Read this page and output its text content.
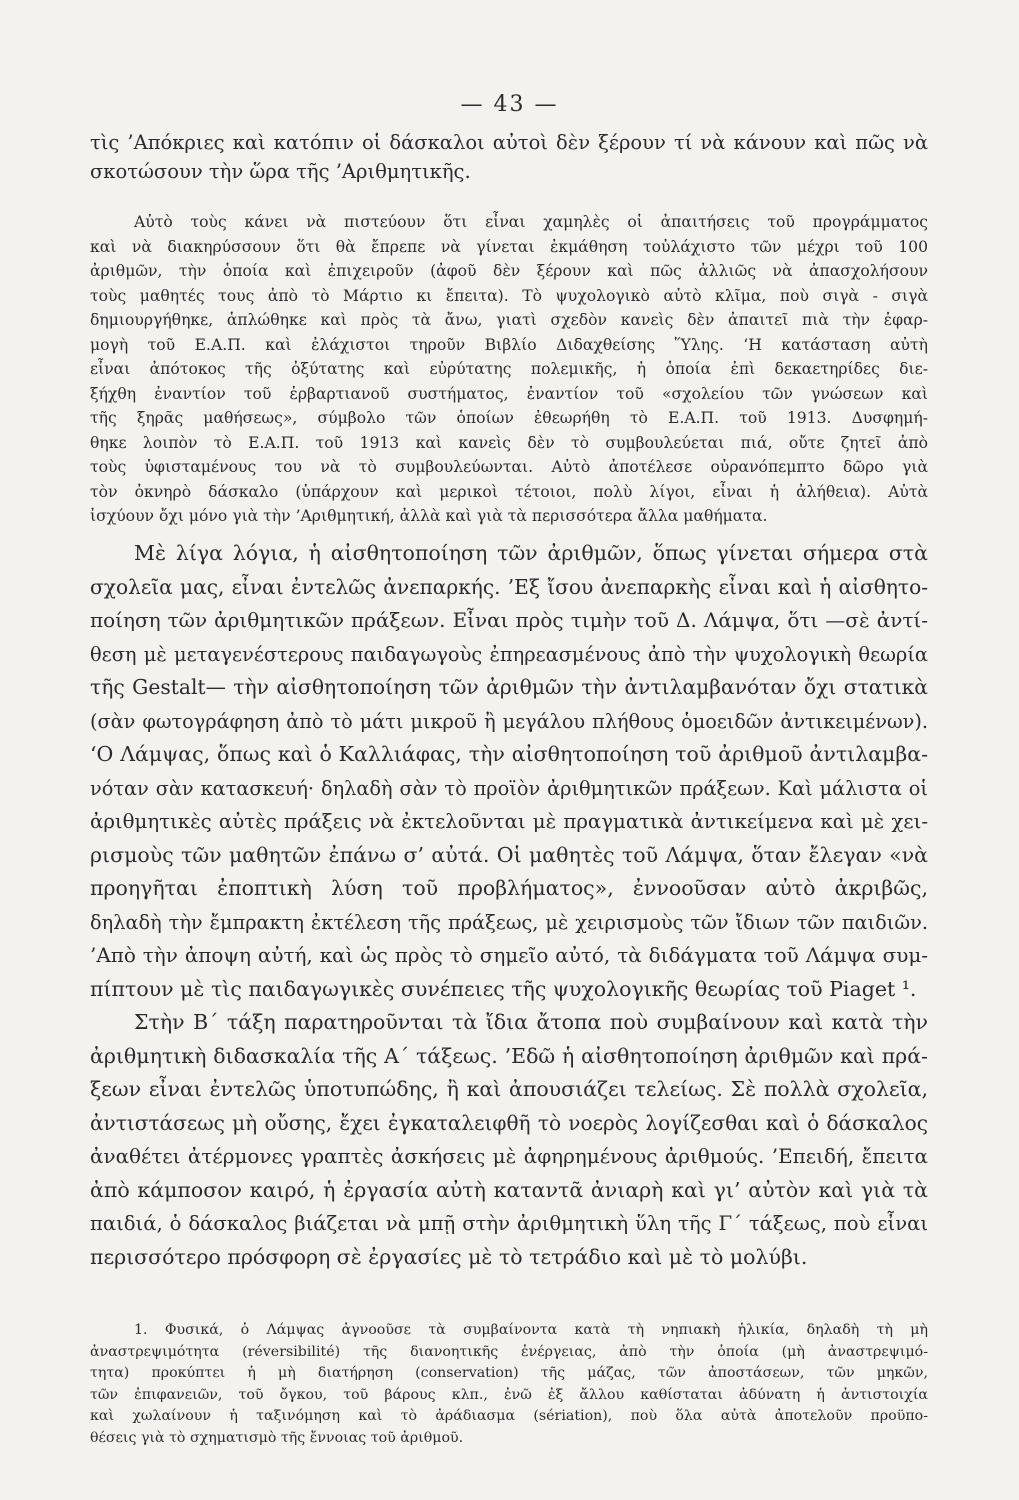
— 43 —
τὶς ’Απόκριες καὶ κατόπιν οἱ δάσκαλοι αὐτοὶ δὲν ξέρουν τί νὰ κάνουν καὶ πῶς νὰ
σκοτώσουν τὴν ὥρα τῆς ’Αριθμητικῆς.
Αὐτὸ τοὺς κάνει νὰ πιστεύουν ὅτι εἶναι χαμηλὲς οἱ ἀπαιτήσεις τοῦ προγράμματος
καὶ νὰ διακηρύσσουν ὅτι θὰ ἔπρεπε νὰ γίνεται ἐκμάθηση τοὐλάχιστο τῶν μέχρι τοῦ 100
ἀριθμῶν, τὴν ὁποία καὶ ἐπιχειροῦν (ἀφοῦ δὲν ξέρουν καὶ πῶς ἀλλιῶς νὰ ἀπασχολήσουν
τοὺς μαθητές τους ἀπὸ τὸ Μάρτιο κι ἔπειτα). Τὸ ψυχολογικὸ αὐτὸ κλῖμα, ποὺ σιγὰ - σιγὰ
δημιουργήθηκε, ἁπλώθηκε καὶ πρὸς τὰ ἄνω, γιατὶ σχεδὸν κανεὶς δὲν ἀπαιτεῖ πιὰ τὴν ἐφαρ-
μογὴ τοῦ Ε.Α.Π. καὶ ἐλάχιστοι τηροῦν Βιβλίο Διδαχθείσης Ὕλης. ‘Η κατάσταση αὐτὴ
εἶναι ἀπότοκος τῆς ὀξύτατης καὶ εὐρύτατης πολεμικῆς, ἡ ὁποία ἐπὶ δεκαετηρίδες διε-
ξήχθη ἐναντίον τοῦ ἐρβαρτιανοῦ συστήματος, ἐναντίον τοῦ «σχολείου τῶν γνώσεων καὶ
τῆς ξηρᾶς μαθήσεως», σύμβολο τῶν ὁποίων ἐθεωρήθη τὸ Ε.Α.Π. τοῦ 1913. Δυσφημή-
θηκε λοιπὸν τὸ Ε.Α.Π. τοῦ 1913 καὶ κανεὶς δὲν τὸ συμβουλεύεται πιά, οὔτε ζητεῖ ἀπὸ
τοὺς ὑφισταμένους του νὰ τὸ συμβουλεύωνται. Αὐτὸ ἀποτέλεσε οὐρανόπεμπτο δῶρο γιὰ
τὸν ὀκνηρὸ δάσκαλο (ὑπάρχουν καὶ μερικοὶ τέτοιοι, πολὺ λίγοι, εἶναι ἡ ἀλήθεια). Αὐτὰ
ἰσχύουν ὄχι μόνο γιὰ τὴν ’Αριθμητική, ἀλλὰ καὶ γιὰ τὰ περισσότερα ἄλλα μαθήματα.
Μὲ λίγα λόγια, ἡ αἰσθητοποίηση τῶν ἀριθμῶν, ὅπως γίνεται σήμερα στὰ
σχολεῖα μας, εἶναι ἐντελῶς ἀνεπαρκής. ’Εξ ἴσου ἀνεπαρκὴς εἶναι καὶ ἡ αἰσθητο-
ποίηση τῶν ἀριθμητικῶν πράξεων. Εἶναι πρὸς τιμὴν τοῦ Δ. Λάμψα, ὅτι —σὲ ἀντί-
θεση μὲ μεταγενέστερους παιδαγωγοὺς ἐπηρεασμένους ἀπὸ τὴν ψυχολογικὴ θεωρία
τῆς Gestalt— τὴν αἰσθητοποίηση τῶν ἀριθμῶν τὴν ἀντιλαμβανόταν ὄχι στατικὰ
(σὰν φωτογράφηση ἀπὸ τὸ μάτι μικροῦ ἢ μεγάλου πλήθους ὁμοειδῶν ἀντικειμένων).
‘Ο Λάμψας, ὅπως καὶ ὁ Καλλιάφας, τὴν αἰσθητοποίηση τοῦ ἀριθμοῦ ἀντιλαμβα-
νόταν σὰν κατασκευή· δηλαδὴ σὰν τὸ προϊὸν ἀριθμητικῶν πράξεων. Καὶ μάλιστα οἱ
ἀριθμητικὲς αὐτὲς πράξεις νὰ ἐκτελοῦνται μὲ πραγματικὰ ἀντικείμενα καὶ μὲ χει-
ρισμοὺς τῶν μαθητῶν ἐπάνω σ’ αὐτά. Οἱ μαθητὲς τοῦ Λάμψα, ὅταν ἔλεγαν «νὰ
προηγῆται ἐποπτικὴ λύση τοῦ προβλήματος», ἐννοοῦσαν αὐτὸ ἀκριβῶς,
δηλαδὴ τὴν ἔμπρακτη ἐκτέλεση τῆς πράξεως, μὲ χειρισμοὺς τῶν ἴδιων τῶν παιδιῶν.
’Απὸ τὴν ἀποψη αὐτή, καὶ ὡς πρὸς τὸ σημεῖο αὐτό, τὰ διδάγματα τοῦ Λάμψα συμ-
πίπτουν μὲ τὶς παιδαγωγικὲς συνέπειες τῆς ψυχολογικῆς θεωρίας τοῦ Piaget ¹.
Στὴν Β΄ τάξη παρατηροῦνται τὰ ἴδια ἄτοπα ποὺ συμβαίνουν καὶ κατὰ τὴν
ἀριθμητικὴ διδασκαλία τῆς Α΄ τάξεως. ’Εδῶ ἡ αἰσθητοποίηση ἀριθμῶν καὶ πρά-
ξεων εἶναι ἐντελῶς ὑποτυπώδης, ἢ καὶ ἀπουσιάζει τελείως. Σὲ πολλὰ σχολεῖα,
ἀντιστάσεως μὴ οὔσης, ἔχει ἐγκαταλειφθῆ τὸ νοερὸς λογίζεσθαι καὶ ὁ δάσκαλος
ἀναθέτει ἀτέρμονες γραπτὲς ἀσκήσεις μὲ ἀφηρημένους ἀριθμούς. ’Επειδή, ἔπειτα
ἀπὸ κάμποσον καιρό, ἡ ἐργασία αὐτὴ καταντᾶ ἀνιαρὴ καὶ γι’ αὐτὸν καὶ γιὰ τὰ
παιδιά, ὁ δάσκαλος βιάζεται νὰ μπῇ στὴν ἀριθμητικὴ ὕλη τῆς Γ΄ τάξεως, ποὺ εἶναι
περισσότερο πρόσφορη σὲ ἐργασίες μὲ τὸ τετράδιο καὶ μὲ τὸ μολύβι.
1. Φυσικά, ὁ Λάμψας ἀγνοοῦσε τὰ συμβαίνοντα κατὰ τὴ νηπιακὴ ἡλικία, δηλαδὴ τὴ μὴ
ἀναστρεψιμότητα (réversibilité) τῆς διανοητικῆς ἐνέργειας, ἀπὸ τὴν ὁποία (μὴ ἀναστρεψιμό-
τητα) προκύπτει ἡ μὴ διατήρηση (conservation) τῆς μάζας, τῶν ἀποστάσεων, τῶν μηκῶν,
τῶν ἐπιφανειῶν, τοῦ ὄγκου, τοῦ βάρους κλπ., ἐνῶ ἐξ ἄλλου καθίσταται ἀδύνατη ἡ ἀντιστοιχία
καὶ χωλαίνουν ἡ ταξινόμηση καὶ τὸ ἀράδιασμα (sériation), ποὺ ὅλα αὐτὰ ἀποτελοῦν προϋπο-
θέσεις γιὰ τὸ σχηματισμὸ τῆς ἔννοιας τοῦ ἀριθμοῦ.
